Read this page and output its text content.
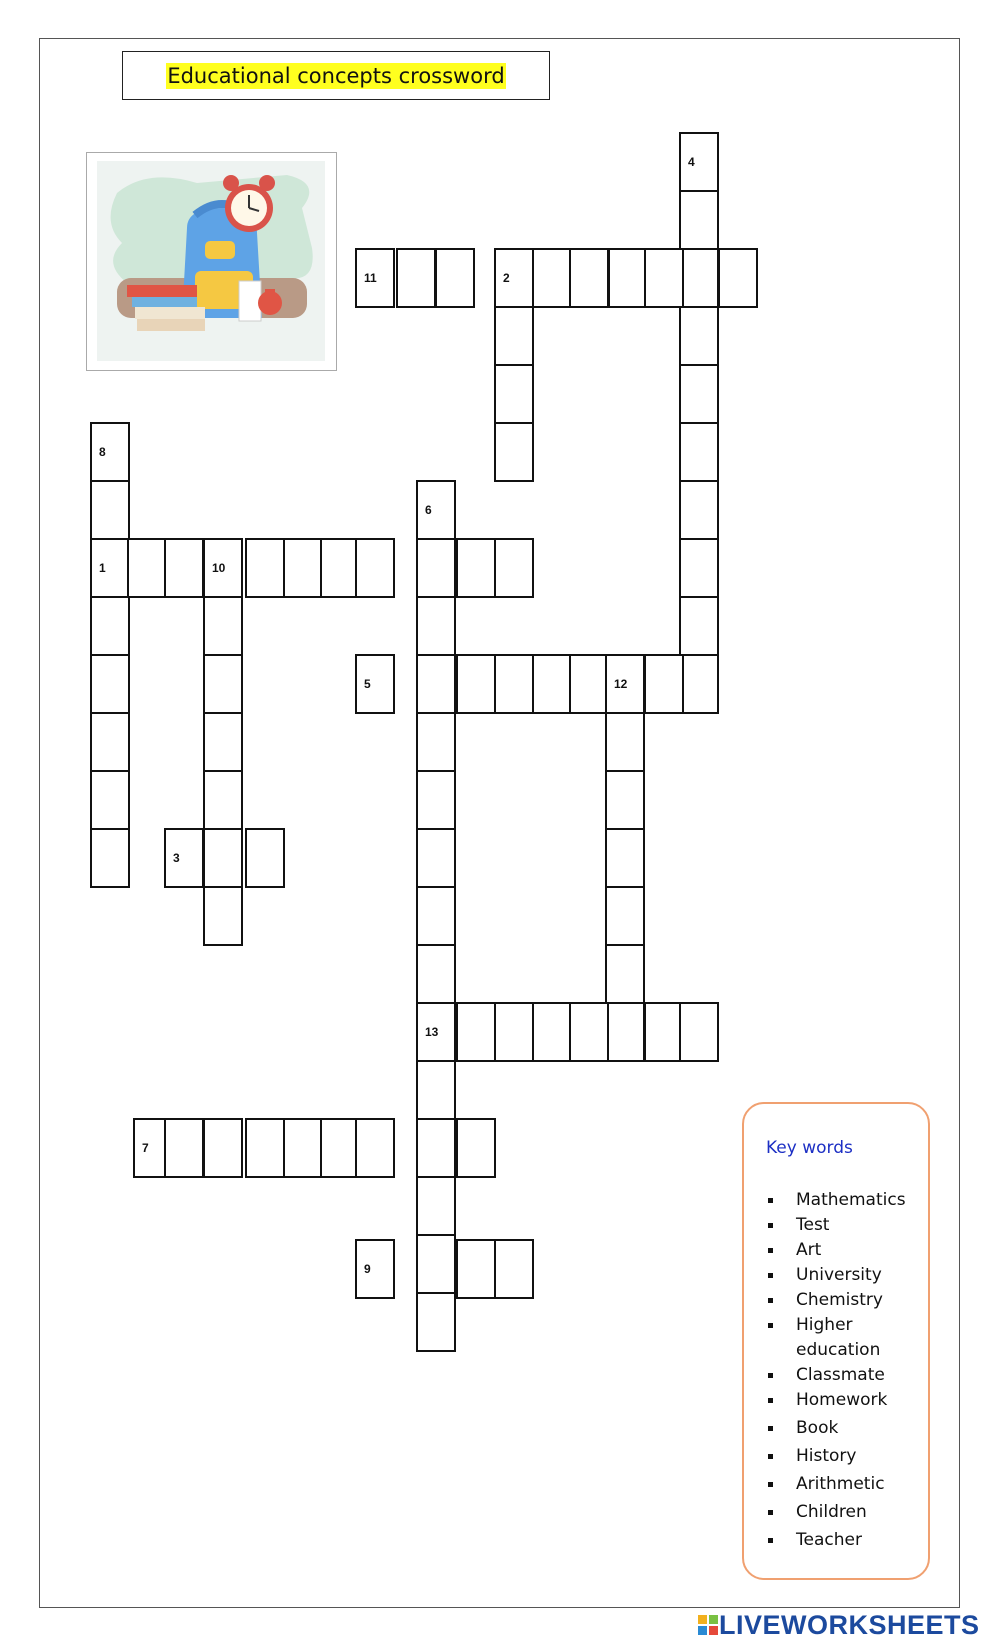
Educational concepts crossword
4
11	2
8
6
1	10
5	12
3
13
7
9
Key words
Mathematics
Test
Art
University
Chemistry
Higher education
Classmate
Homework
Book
History
Arithmetic
Children
Teacher
LIVEWORKSHEETS
